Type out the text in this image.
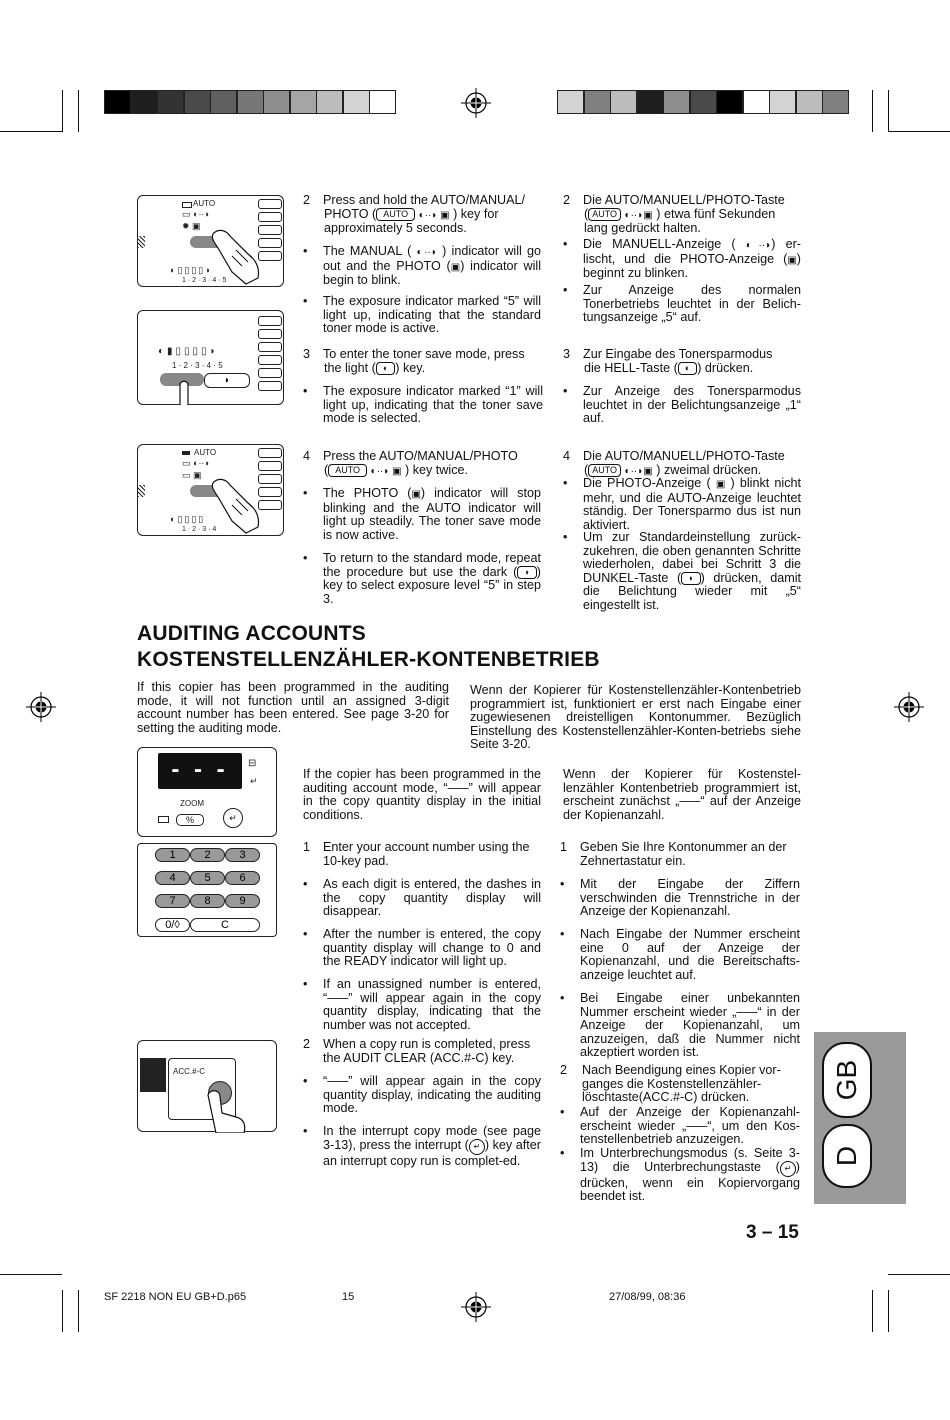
AUTO
▭ ◐··◗
✹ ▣
◐▯▯▯▯◗
1 · 2 · 3 · 4 · 5
◐▮▯▯▯▯◗
1 · 2 · 3 · 4 · 5
◗
AUTO
▭ ◐··◗
▭ ▣
◐▯▯▯▯
1 · 2 · 3 · 4
2	Press and hold the AUTO/MANUAL/
PHOTO ( AUTO ◐··◗ ▣ ) key for
approximately 5 seconds.
•	The MANUAL ( ◐··◗ ) indicator will go out and the PHOTO (▣) indicator will begin to blink.
•	The exposure indicator marked “5” will light up, indicating that the standard toner mode is active.
3	To enter the toner save mode, press
the light ( ◐ ) key.
•	The exposure indicator marked “1” will light up, indicating that the toner save mode is selected.
4	Press the AUTO/MANUAL/PHOTO
( AUTO ◐··◗ ▣ ) key twice.
•	The PHOTO (▣) indicator will stop blinking and the AUTO indicator will light up steadily. The toner save mode is now active.
•	To return to the standard mode, repeat the procedure but use the dark ( ◗ ) key to select exposure level “5” in step 3.
2	Die AUTO/MANUELL/PHOTO-Taste
( AUTO ◐··◗▣ ) etwa fünf Sekunden
lang gedrückt halten.
•	Die MANUELL-Anzeige ( ◐··◗) er- lischt, und die PHOTO-Anzeige (▣) beginnt zu blinken.
•	Zur Anzeige des normalen Tonerbetriebs leuchtet in der Belich-tungsanzeige „5“ auf.
3	Zur Eingabe des Tonersparmodus
die HELL-Taste ( ◐ ) drücken.
•	Zur Anzeige des Tonersparmodus leuchtet in der Belichtungsanzeige „1“ auf.
4	Die AUTO/MANUELL/PHOTO-Taste
( AUTO ◐··◗▣ ) zweimal drücken.
•	Die PHOTO-Anzeige ( ▣ ) blinkt nicht mehr, und die AUTO-Anzeige leuchtet ständig. Der Tonersparmo dus ist nun aktiviert.
•	Um zur Standardeinstellung zurück-zukehren, die oben genannten Schritte wiederholen, dabei bei Schritt 3 die DUNKEL-Taste ( ◗ ) drücken, damit die Belichtung wieder mit „5“ eingestellt ist.
AUDITING ACCOUNTS
KOSTENSTELLENZÄHLER-KONTENBETRIEB
If this copier has been programmed in the auditing mode, it will not function until an assigned 3-digit account number has been entered. See page 3-20 for setting the auditing mode.
Wenn der Kopierer für Kostenstellenzähler-Kontenbetrieb programmiert ist, funktioniert er erst nach Eingabe einer zugewiesenen dreistelligen Kontonummer. Bezüglich Einstellung des Kostenstellenzähler-Konten-betriebs siehe Seite 3-20.
- - -	⊟
↵
ZOOM
%	↵
1	2	3
4	5	6
7	8	9
0/◊	C
ACC.#-C
If the copier has been programmed in the auditing account mode, “–––” will appear in the copy quantity display in the initial conditions.
1	Enter your account number using the 10-key pad.
•	As each digit is entered, the dashes in the copy quantity display will disappear.
•	After the number is entered, the copy quantity display will change to 0 and the READY indicator will light up.
•	If an unassigned number is entered, “–––” will appear again in the copy quantity display, indicating that the number was not accepted.
2	When a copy run is completed, press the AUDIT CLEAR (ACC.#-C) key.
•	“–––” will appear again in the copy quantity display, indicating the auditing mode.
•	In the interrupt copy mode (see page 3-13), press the interrupt ( ↵ ) key after an interrupt copy run is complet-ed.
Wenn der Kopierer für Kostenstel-lenzähler Kontenbetrieb programmiert ist, erscheint zunächst „–––“ auf der Anzeige der Kopienanzahl.
1	Geben Sie Ihre Kontonummer an der Zehnertastatur ein.
•	Mit der Eingabe der Ziffern verschwinden die Trennstriche in der Anzeige der Kopienanzahl.
•	Nach Eingabe der Nummer erscheint eine 0 auf der Anzeige der Kopienanzahl, und die Bereitschafts-anzeige leuchtet auf.
•	Bei Eingabe einer unbekannten Nummer erscheint wieder „–––“ in der Anzeige der Kopienanzahl, um anzuzeigen, daß die Nummer nicht akzeptiert worden ist.
2	Nach Beendigung eines Kopier vor-ganges die Kostenstellenzähler-löschtaste(ACC.#-C) drücken.
•	Auf der Anzeige der Kopienanzahl-erscheint wieder „–––“, um den Kos-tenstellenbetrieb anzuzeigen.
•	Im Unterbrechungsmodus (s. Seite 3-13) die Unterbrechungstaste ( ↵ ) drücken, wenn ein Kopiervorgang beendet ist.
GB
D
3 – 15
SF 2218 NON EU GB+D.p65	15	27/08/99, 08:36
